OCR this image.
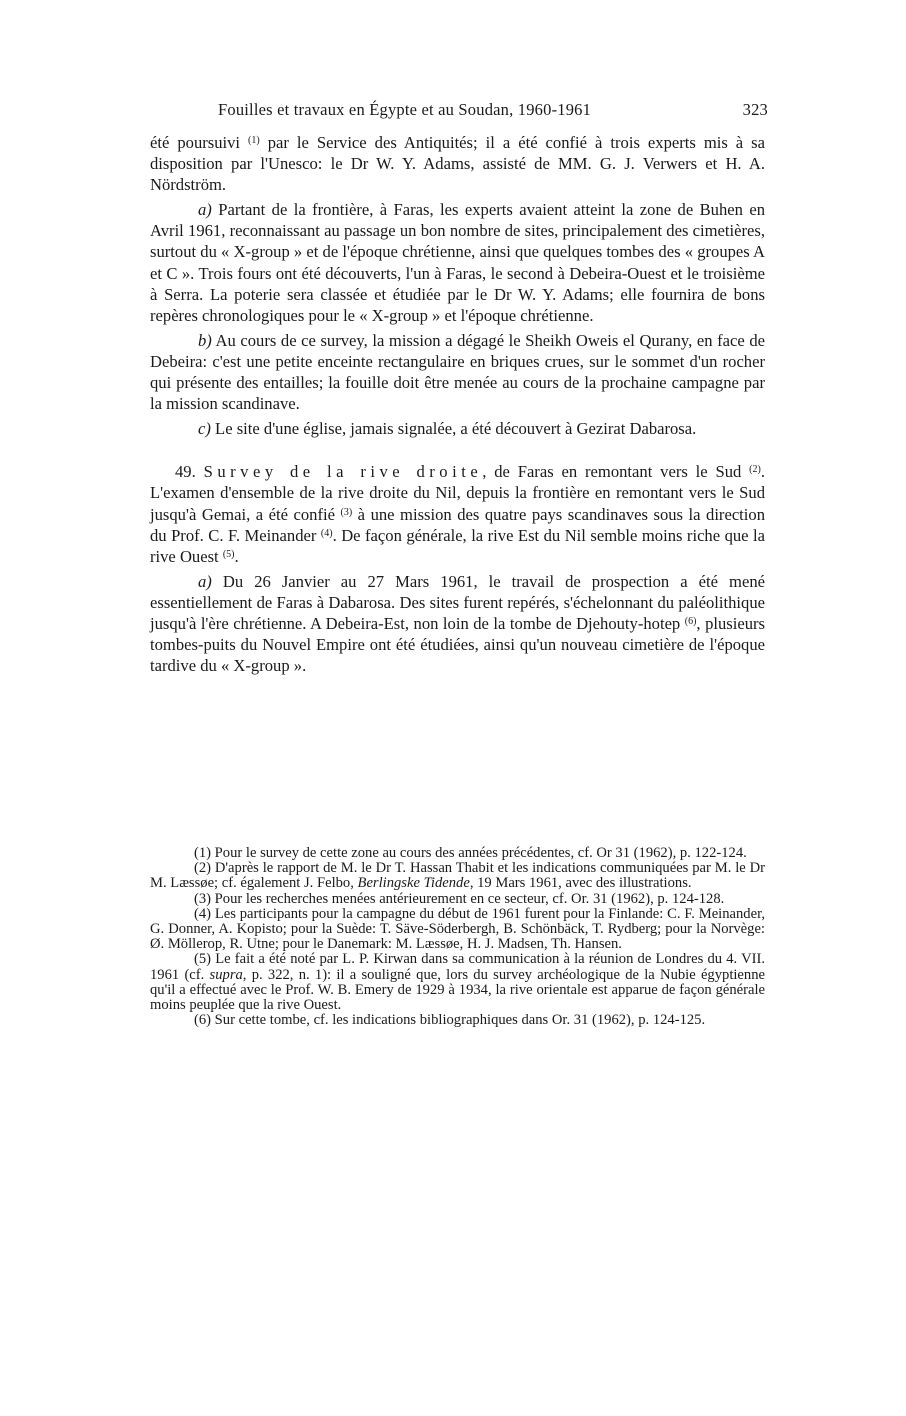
Fouilles et travaux en Égypte et au Soudan, 1960-1961	323

été poursuivi $^{(1)}$ par le Service des Antiquités; il a été confié à trois experts mis à sa disposition par l'Unesco: le Dr W. Y. Adams, assisté de MM. G. J. Verwers et H. A. Nördström.

a) Partant de la frontière, à Faras, les experts avaient atteint la zone de Buhen en Avril 1961, reconnaissant au passage un bon nombre de sites, principalement des cimetières, surtout du « X-group » et de l'époque chrétienne, ainsi que quelques tombes des « groupes A et C ». Trois fours ont été découverts, l'un à Faras, le second à Debeira-Ouest et le troisième à Serra. La poterie sera classée et étudiée par le Dr W. Y. Adams; elle fournira de bons repères chronologiques pour le « X-group » et l'époque chrétienne.

b) Au cours de ce survey, la mission a dégagé le Sheikh Oweis el Qurany, en face de Debeira: c'est une petite enceinte rectangulaire en briques crues, sur le sommet d'un rocher qui présente des entailles; la fouille doit être menée au cours de la prochaine campagne par la mission scandinave.

c) Le site d'une église, jamais signalée, a été découvert à Gezirat Dabarosa.

49. Survey de la rive droite, de Faras en remontant vers le Sud $^{(2)}$. L'examen d'ensemble de la rive droite du Nil, depuis la frontière en remontant vers le Sud jusqu'à Gemai, a été confié $^{(3)}$ à une mission des quatre pays scandinaves sous la direction du Prof. C. F. Meinander $^{(4)}$. De façon générale, la rive Est du Nil semble moins riche que la rive Ouest $^{(5)}$.

a) Du 26 Janvier au 27 Mars 1961, le travail de prospection a été mené essentiellement de Faras à Dabarosa. Des sites furent repérés, s'échelonnant du paléolithique jusqu'à l'ère chrétienne. A Debeira-Est, non loin de la tombe de Djehouty-hotep $^{(6)}$, plusieurs tombes-puits du Nouvel Empire ont été étudiées, ainsi qu'un nouveau cimetière de l'époque tardive du « X-group ».

(1) Pour le survey de cette zone au cours des années précédentes, cf. Or 31 (1962), p. 122-124.

(2) D'après le rapport de M. le Dr T. Hassan Thabit et les indications communiquées par M. le Dr M. Læssøe; cf. également J. Felbo, Berlingske Tidende, 19 Mars 1961, avec des illustrations.

(3) Pour les recherches menées antérieurement en ce secteur, cf. Or. 31 (1962), p. 124-128.

(4) Les participants pour la campagne du début de 1961 furent pour la Finlande: C. F. Meinander, G. Donner, A. Kopisto; pour la Suède: T. Säve-Söderbergh, B. Schönbäck, T. Rydberg; pour la Norvège: Ø. Möllerop, R. Utne; pour le Danemark: M. Læssøe, H. J. Madsen, Th. Hansen.

(5) Le fait a été noté par L. P. Kirwan dans sa communication à la réunion de Londres du 4. VII. 1961 (cf. supra, p. 322, n. 1): il a souligné que, lors du survey archéologique de la Nubie égyptienne qu'il a effectué avec le Prof. W. B. Emery de 1929 à 1934, la rive orientale est apparue de façon générale moins peuplée que la rive Ouest.

(6) Sur cette tombe, cf. les indications bibliographiques dans Or. 31 (1962), p. 124-125.
